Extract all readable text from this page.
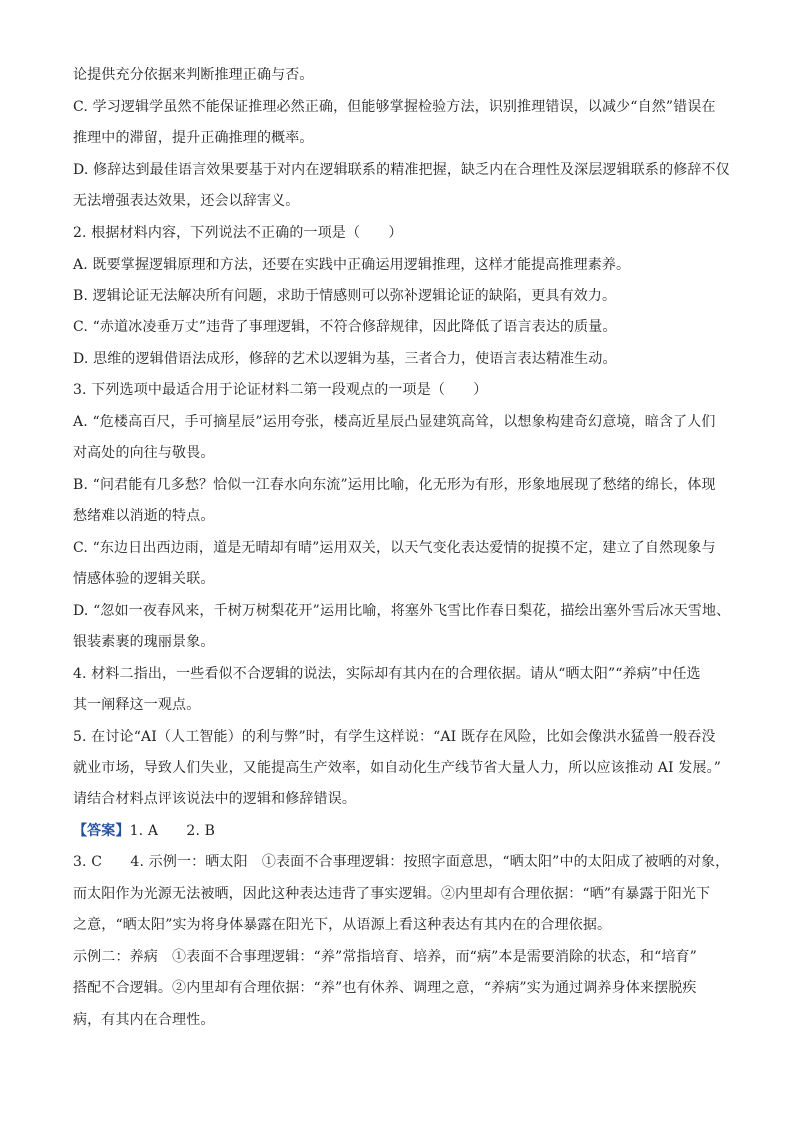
论提供充分依据来判断推理正确与否。
C. 学习逻辑学虽然不能保证推理必然正确，但能够掌握检验方法，识别推理错误，以减少“自然”错误在
推理中的滞留，提升正确推理的概率。
D. 修辞达到最佳语言效果要基于对内在逻辑联系的精准把握，缺乏内在合理性及深层逻辑联系的修辞不仅
无法增强表达效果，还会以辞害义。
2. 根据材料内容，下列说法不正确的一项是（　　）
A. 既要掌握逻辑原理和方法，还要在实践中正确运用逻辑推理，这样才能提高推理素养。
B. 逻辑论证无法解决所有问题，求助于情感则可以弥补逻辑论证的缺陷，更具有效力。
C. “赤道冰凌垂万丈”违背了事理逻辑，不符合修辞规律，因此降低了语言表达的质量。
D. 思维的逻辑借语法成形，修辞的艺术以逻辑为基，三者合力，使语言表达精准生动。
3. 下列选项中最适合用于论证材料二第一段观点的一项是（　　）
A. “危楼高百尺，手可摘星辰”运用夸张，楼高近星辰凸显建筑高耸，以想象构建奇幻意境，暗含了人们
对高处的向往与敬畏。
B. “问君能有几多愁？恰似一江春水向东流”运用比喻，化无形为有形，形象地展现了愁绪的绵长，体现
愁绪难以消逝的特点。
C. “东边日出西边雨，道是无晴却有晴”运用双关，以天气变化表达爱情的捉摸不定，建立了自然现象与
情感体验的逻辑关联。
D. “忽如一夜春风来，千树万树梨花开”运用比喻，将塞外飞雪比作春日梨花，描绘出塞外雪后冰天雪地、
银装素裹的瑰丽景象。
4. 材料二指出，一些看似不合逻辑的说法，实际却有其内在的合理依据。请从“晒太阳”“养病”中任选
其一阐释这一观点。
5. 在讨论“AI（人工智能）的利与弊”时，有学生这样说：“AI 既存在风险，比如会像洪水猛兽一般吞没
就业市场，导致人们失业，又能提高生产效率，如自动化生产线节省大量人力，所以应该推动 AI 发展。”
请结合材料点评该说法中的逻辑和修辞错误。
【答案】1. A　　2. B
3. C　　4. 示例一：晒太阳　①表面不合事理逻辑：按照字面意思，“晒太阳”中的太阳成了被晒的对象，
而太阳作为光源无法被晒，因此这种表达违背了事实逻辑。②内里却有合理依据：“晒”有暴露于阳光下
之意，“晒太阳”实为将身体暴露在阳光下，从语源上看这种表达有其内在的合理依据。
示例二：养病　①表面不合事理逻辑：“养”常指培育、培养，而“病”本是需要消除的状态，和“培育”
搭配不合逻辑。②内里却有合理依据：“养”也有休养、调理之意，“养病”实为通过调养身体来摆脱疾
病，有其内在合理性。
